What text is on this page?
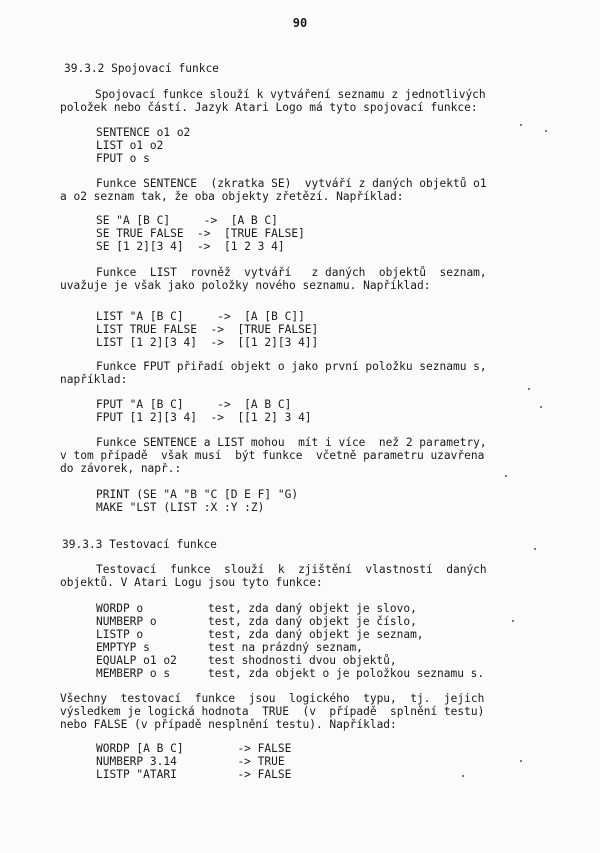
90
39.3.2 Spojovací funkce
Spojovací funkce slouží k vytváření seznamu z jednotlivých
položek nebo částí. Jazyk Atari Logo má tyto spojovací funkce:
SENTENCE o1 o2
LIST o1 o2
FPUT o s
Funkce SENTENCE  (zkratka SE)  vytváří z daných objektů o1
a o2 seznam tak, že oba objekty zřetězí. Například:
SE "A [B C]     ->  [A B C]
SE TRUE FALSE  ->  [TRUE FALSE]
SE [1 2][3 4]  ->  [1 2 3 4]
Funkce  LIST  rovněž  vytváří   z daných  objektů  seznam,
uvažuje je však jako položky nového seznamu. Například:
LIST "A [B C]     ->  [A [B C]]
LIST TRUE FALSE  ->  [TRUE FALSE]
LIST [1 2][3 4]  ->  [[1 2][3 4]]
Funkce FPUT přiřadí objekt o jako první položku seznamu s,
například:
FPUT "A [B C]     ->  [A B C]
FPUT [1 2][3 4]  ->  [[1 2] 3 4]
Funkce SENTENCE a LIST mohou  mít i více  než 2 parametry,
v tom případě  však musí  být funkce  včetně parametru uzavřena
do závorek, např.:
PRINT (SE "A "B "C [D E F] "G)
MAKE "LST (LIST :X :Y :Z)
39.3.3 Testovací funkce
Testovací  funkce  slouží  k  zjištění  vlastností  daných
objektů. V Atari Logu jsou tyto funkce:
WORDP o	test, zda daný objekt je slovo,
NUMBERP o	test, zda daný objekt je číslo,
LISTP o	test, zda daný objekt je seznam,
EMPTYP s	test na prázdný seznam,
EQUALP o1 o2	test shodnosti dvou objektů,
MEMBERP o s	test, zda objekt o je položkou seznamu s.
Všechny  testovací  funkce  jsou  logického  typu,  tj.  jejich
výsledkem je logická hodnota  TRUE  (v  případě  splnění testu)
nebo FALSE (v případě nesplnění testu). Například:
WORDP [A B C]        -> FALSE
NUMBERP 3.14         -> TRUE
LISTP "ATARI         -> FALSE
